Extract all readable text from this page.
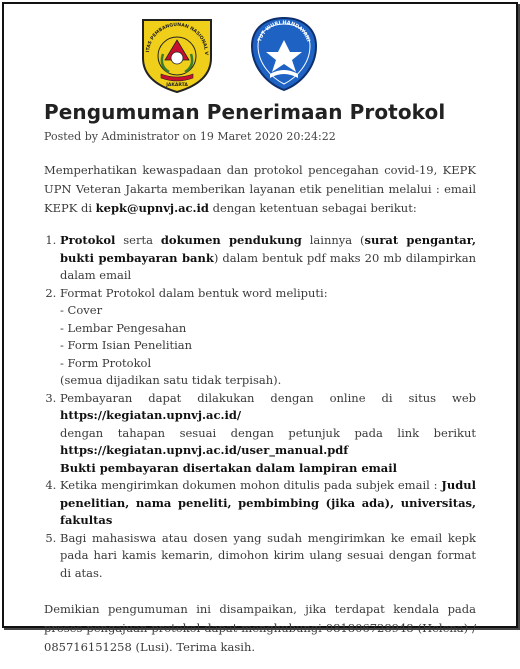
ITAS PEMBANGUNAN NASIONAL V
JAKARTA
TUT WURI HANDAYANI
Pengumuman Penerimaan Protokol
Posted by Administrator on 19 Maret 2020 20:24:22

Memperhatikan kewaspadaan dan protokol pencegahan covid-19, KEPK UPN Veteran Jakarta memberikan layanan etik penelitian melalui : email KEPK di kepk@upnvj.ac.id dengan ketentuan sebagai berikut:

1. Protokol serta dokumen pendukung lainnya (surat pengantar, bukti pembayaran bank) dalam bentuk pdf maks 20 mb dilampirkan dalam email
2. Format Protokol dalam bentuk word meliputi:
- Cover
- Lembar Pengesahan
- Form Isian Penelitian
- Form Protokol
(semua dijadikan satu tidak terpisah).
3. Pembayaran dapat dilakukan dengan online di situs web https://kegiatan.upnvj.ac.id/
dengan tahapan sesuai dengan petunjuk pada link berikut https://kegiatan.upnvj.ac.id/user_manual.pdf
Bukti pembayaran disertakan dalam lampiran email
4. Ketika mengirimkan dokumen mohon ditulis pada subjek email : Judul penelitian, nama peneliti, pembimbing (jika ada), universitas, fakultas
5. Bagi mahasiswa atau dosen yang sudah mengirimkan ke email kepk pada hari kamis kemarin, dimohon kirim ulang sesuai dengan format di atas.

Demikian pengumuman ini disampaikan, jika terdapat kendala pada proses pengajuan protokol dapat menghubungi 081806728948 (Helena) / 085716151258 (Lusi). Terima kasih.
